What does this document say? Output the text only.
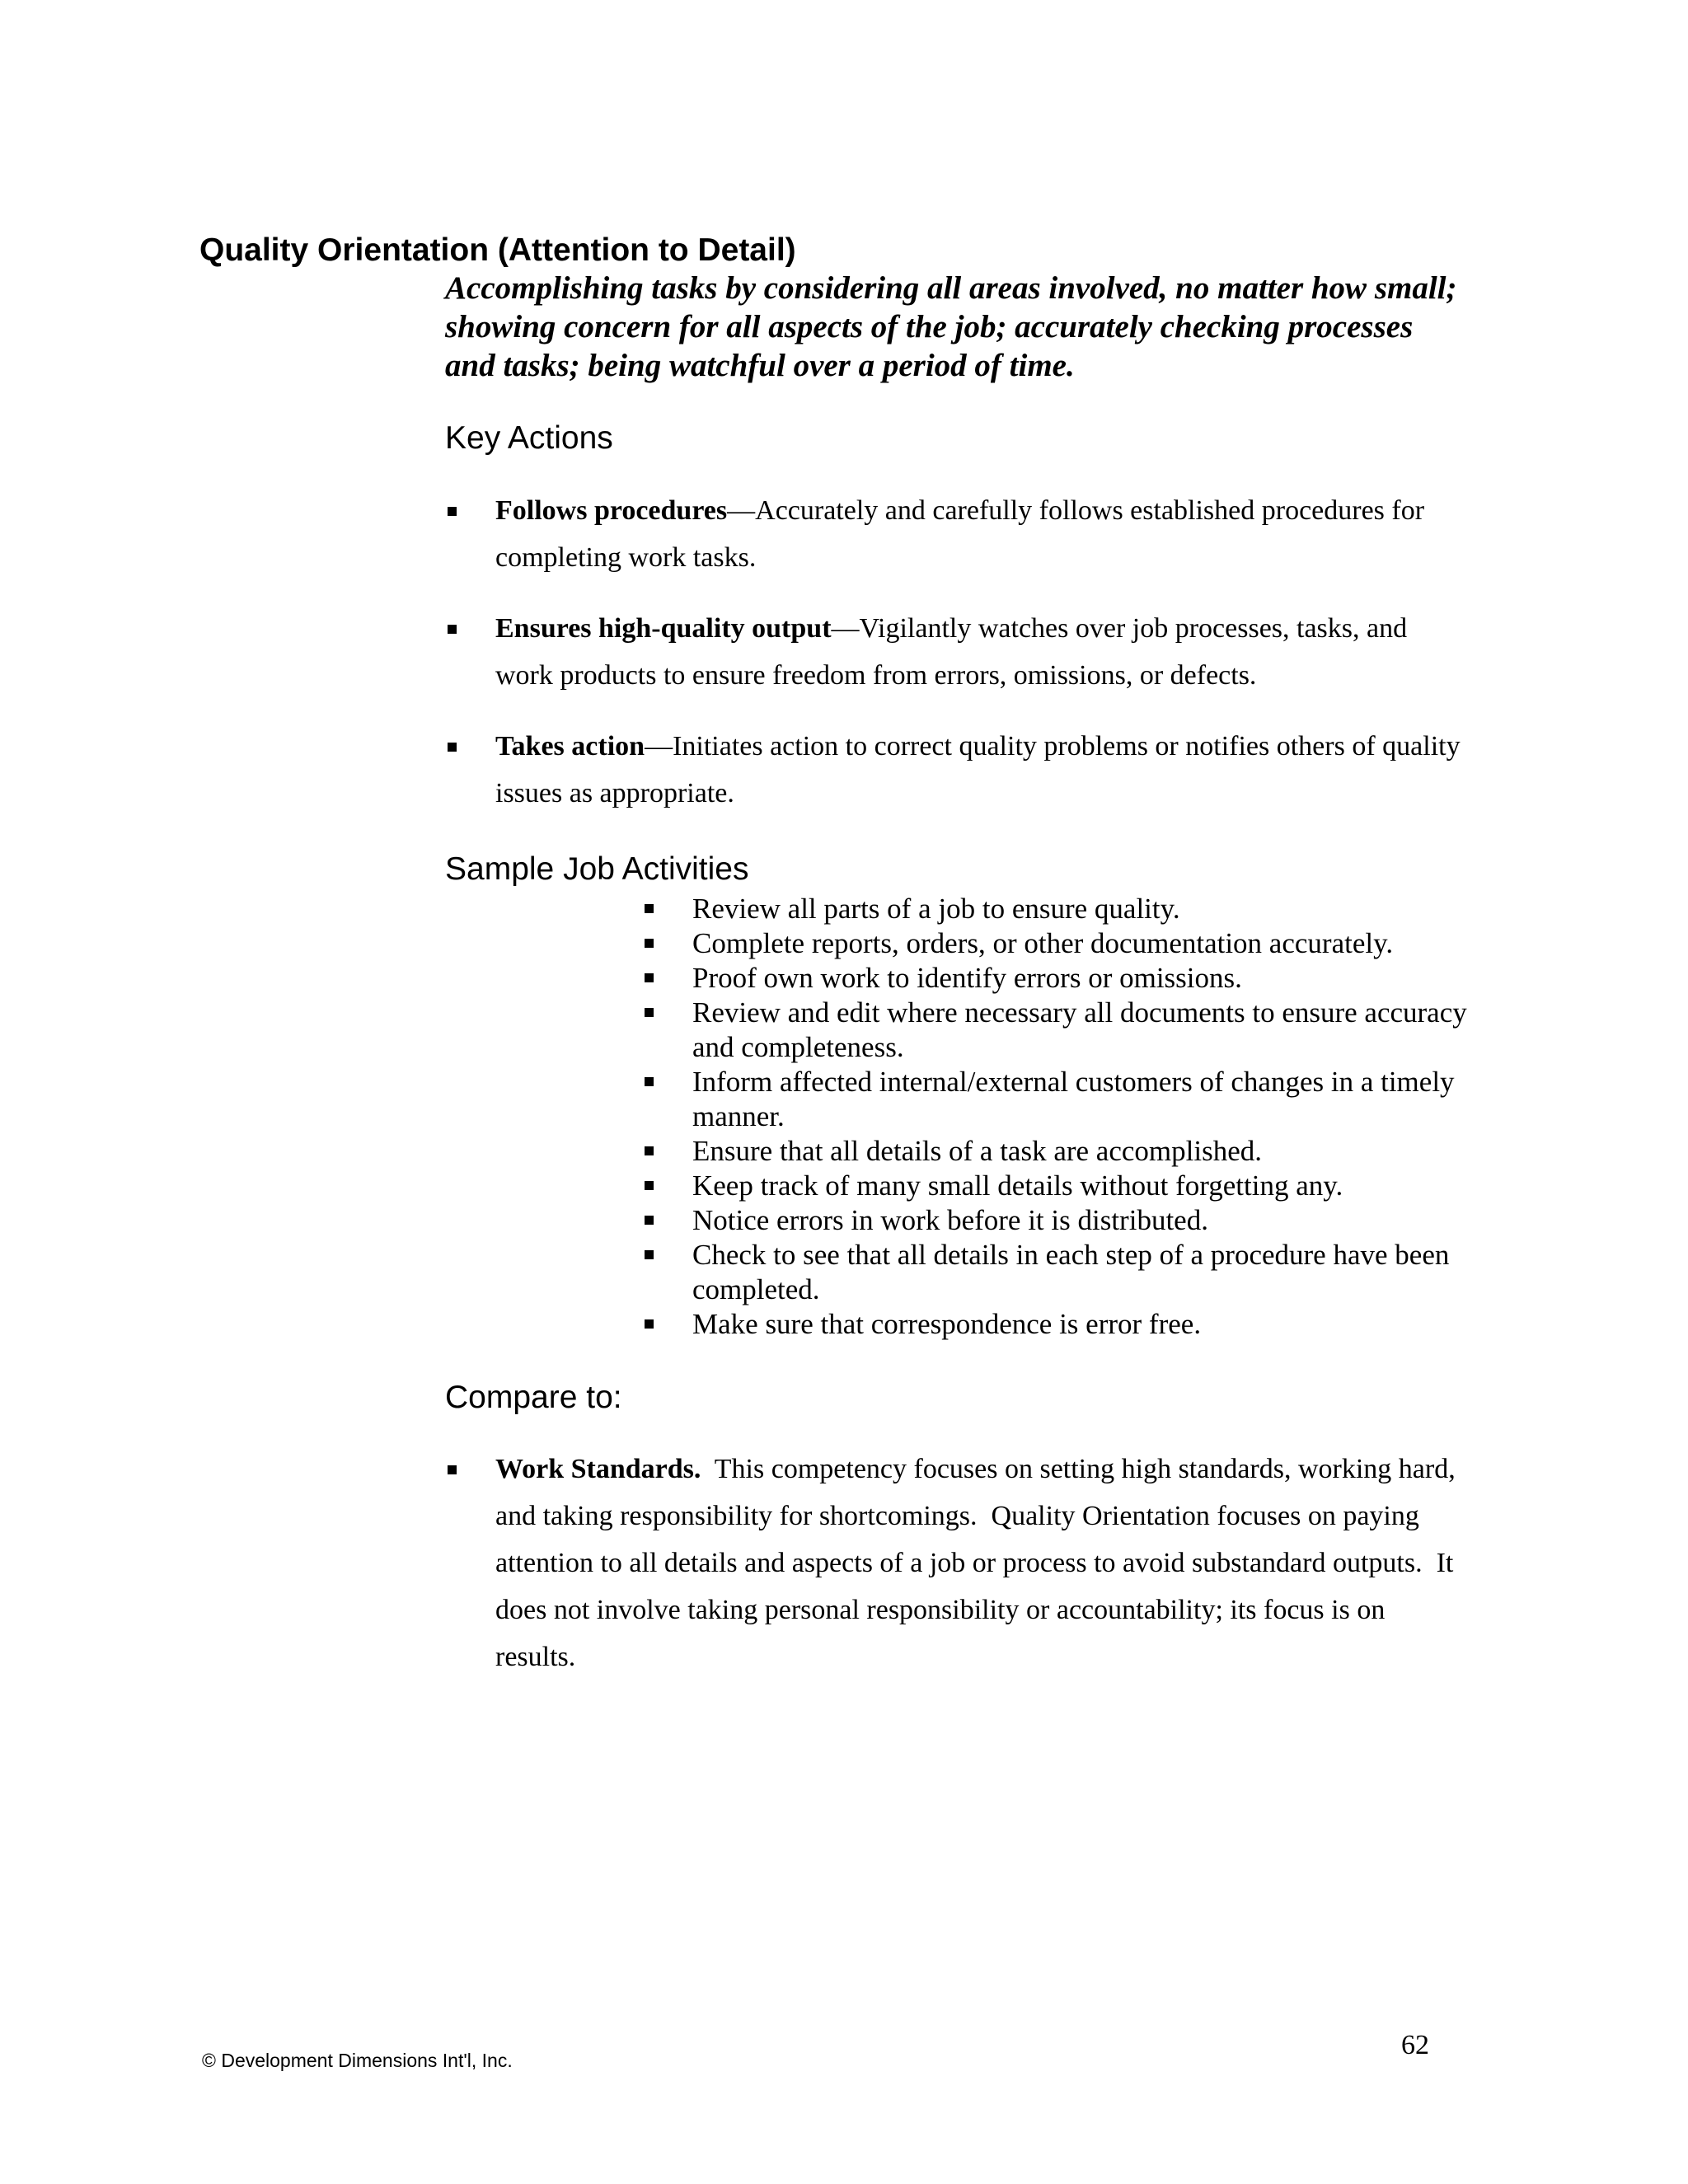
Quality Orientation (Attention to Detail)
Accomplishing tasks by considering all areas involved, no matter how small; showing concern for all aspects of the job; accurately checking processes and tasks; being watchful over a period of time.
Key Actions
Follows procedures—Accurately and carefully follows established procedures for completing work tasks.
Ensures high-quality output—Vigilantly watches over job processes, tasks, and work products to ensure freedom from errors, omissions, or defects.
Takes action—Initiates action to correct quality problems or notifies others of quality issues as appropriate.
Sample Job Activities
Review all parts of a job to ensure quality.
Complete reports, orders, or other documentation accurately.
Proof own work to identify errors or omissions.
Review and edit where necessary all documents to ensure accuracy and completeness.
Inform affected internal/external customers of changes in a timely manner.
Ensure that all details of a task are accomplished.
Keep track of many small details without forgetting any.
Notice errors in work before it is distributed.
Check to see that all details in each step of a procedure have been completed.
Make sure that correspondence is error free.
Compare to:
Work Standards.  This competency focuses on setting high standards, working hard, and taking responsibility for shortcomings.  Quality Orientation focuses on paying attention to all details and aspects of a job or process to avoid substandard outputs.  It does not involve taking personal responsibility or accountability; its focus is on results.
© Development Dimensions Int'l, Inc.	62
